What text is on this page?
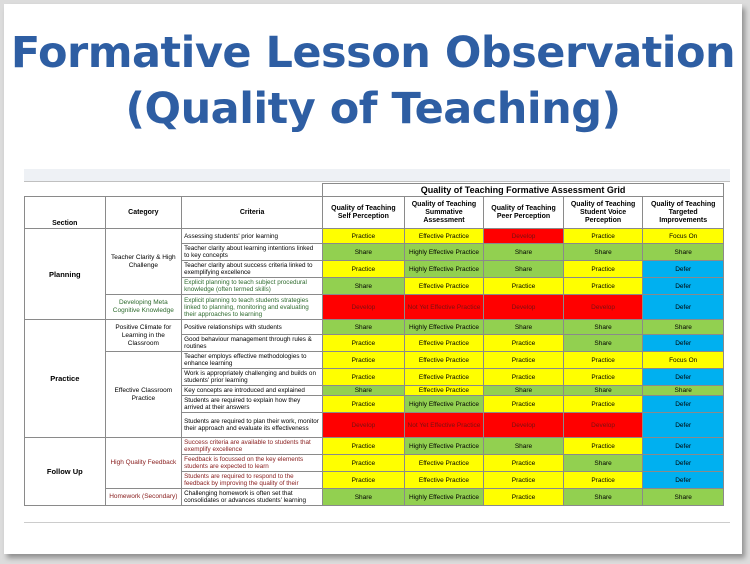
Formative Lesson Observation
(Quality of Teaching)
			Quality of Teaching Formative Assessment Grid				
Section	Category	Criteria	Quality of Teaching Self Perception	Quality of Teaching Summative Assessment	Quality of Teaching Peer Perception	Quality of Teaching Student Voice Perception	Quality of Teaching Targeted Improvements
Planning	Teacher Clarity & High Challenge	Assessing students' prior learning	Practice	Effective Practice	Develop	Practice	Focus On
		Teacher clarity about learning intentions linked to key concepts	Share	Highly Effective Practice	Share	Share	Share
		Teacher clarity about success criteria linked to exemplifying excellence	Practice	Highly Effective Practice	Share	Practice	Defer
		Explicit planning to teach subject procedural knowledge (often termed skills)	Share	Effective Practice	Practice	Practice	Defer
	Developing Meta Cognitive Knowledge	Explicit planning to teach students strategies linked to planning, monitoring and evaluating their approaches to learning	Develop	Not Yet Effective Practice	Develop	Develop	Defer
Practice	Positive Climate for Learning in the Classroom	Positive relationships with students	Share	Highly Effective Practice	Share	Share	Share
		Good behaviour management through rules & routines	Practice	Effective Practice	Practice	Share	Defer
	Effective Classroom Practice	Teacher employs effective methodologies to enhance learning	Practice	Effective Practice	Practice	Practice	Focus On
		Work is appropriately challenging and builds on students' prior learning	Practice	Effective Practice	Practice	Practice	Defer
		Key concepts are introduced and explained	Share	Effective Practice	Share	Share	Share
		Students are required to explain how they arrived at their answers	Practice	Highly Effective Practice	Practice	Practice	Defer
		Students are required to plan their work, monitor their approach and evaluate its effectiveness	Develop	Not Yet Effective Practice	Develop	Develop	Defer
Follow Up	High Quality Feedback	Success criteria are available to students that exemplify excellence	Practice	Highly Effective Practice	Share	Practice	Defer
		Feedback is focussed on the key elements students are expected to learn	Practice	Effective Practice	Practice	Share	Defer
		Students are required to respond to the feedback by improving the quality of their	Practice	Effective Practice	Practice	Practice	Defer
	Homework (Secondary)	Challenging homework is often set that consolidates or advances students' learning	Share	Highly Effective Practice	Practice	Share	Share
